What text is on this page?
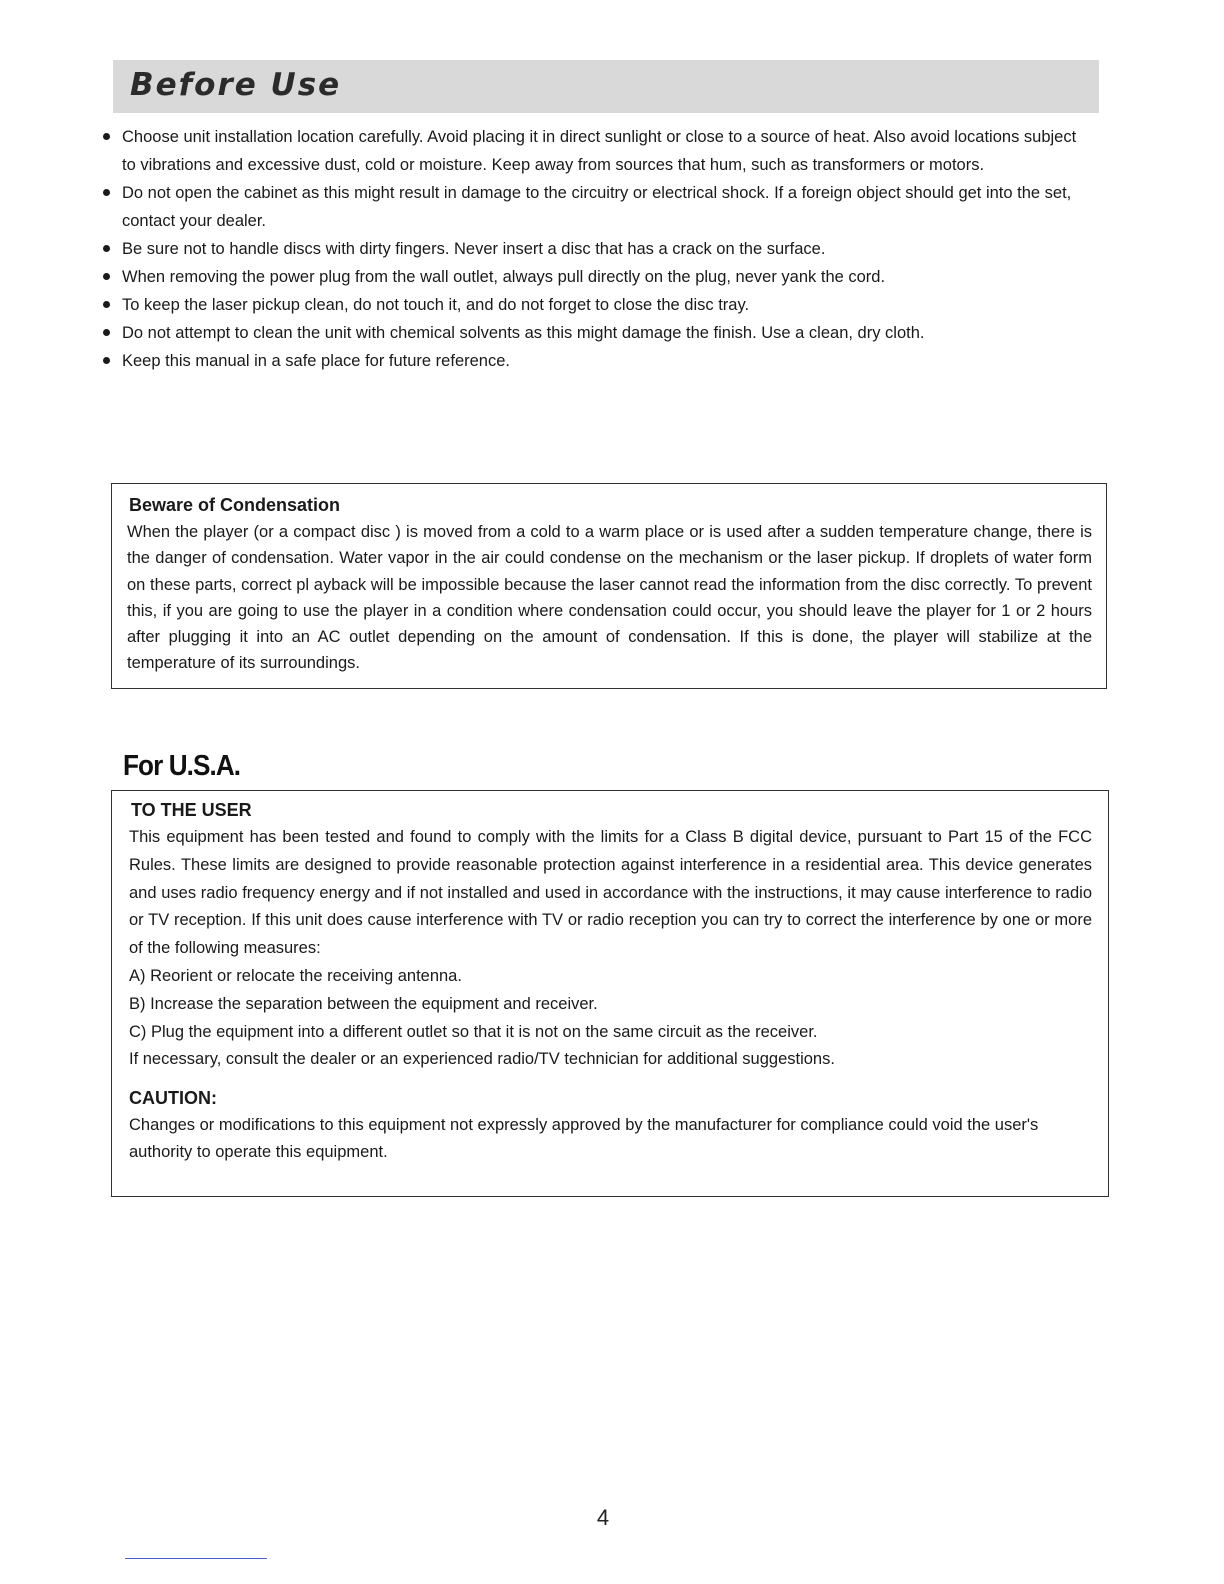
Before Use
Choose unit installation location carefully. Avoid placing it in direct sunlight or close to a source of heat. Also avoid locations subject to vibrations and excessive dust, cold or moisture. Keep away from sources that hum, such as transformers or motors.
Do not open the cabinet as this might result in damage to the circuitry or electrical shock. If a foreign object should get into the set, contact your dealer.
Be sure not to handle discs with dirty fingers. Never insert a disc that has a crack on the surface.
When removing the power plug from the wall outlet, always pull directly on the plug, never yank the cord.
To keep the laser pickup clean, do not touch it, and do not forget to close the disc tray.
Do not attempt to clean the unit with chemical solvents as this might damage the finish. Use a clean, dry cloth.
Keep this manual in a safe place for future reference.
Beware of Condensation

When the player (or a compact disc ) is moved from a cold to a warm place or is used after a sudden temperature change, there is the danger of condensation. Water vapor in the air could condense on the mechanism or the laser pickup. If droplets of water form on these parts, correct pl ayback will be impossible because the laser cannot read the information from the disc correctly. To prevent this, if you are going to use the player in a condition where condensation could occur, you should leave the player for 1 or 2 hours after plugging it into an AC outlet depending on the amount of condensation. If this is done, the player will stabilize at the temperature of its surroundings.

For U.S.A.
TO THE USER

This equipment has been tested and found to comply with the limits for a Class B digital device, pursuant to Part 15 of the FCC Rules. These limits are designed to provide reasonable protection against interference in a residential area. This device generates and uses radio frequency energy and if not installed and used in accordance with the instructions, it may cause interference to radio or TV reception. If this unit does cause interference with TV or radio reception you can try to correct the interference by one or more of the following measures:

A) Reorient or relocate the receiving antenna.

B) Increase the separation between the equipment and receiver.

C) Plug the equipment into a different outlet so that it is not on the same circuit as the receiver.

If necessary, consult the dealer or an experienced radio/TV technician for additional suggestions.

CAUTION:

Changes or modifications to this equipment not expressly approved by the manufacturer for compliance could void the user's authority to operate this equipment.

4
